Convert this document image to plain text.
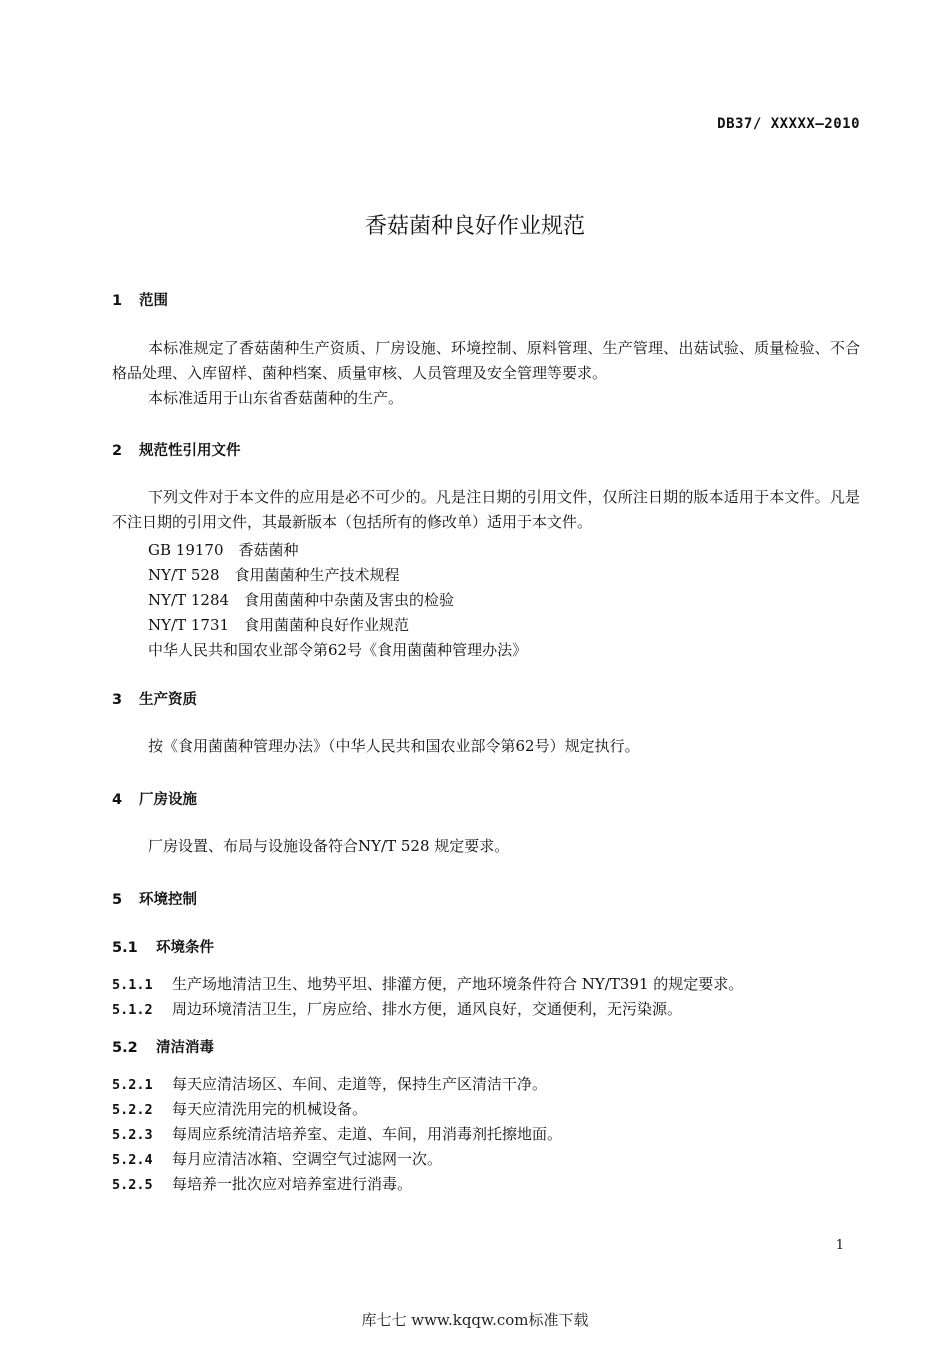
DB37/ XXXXX—2010
香菇菌种良好作业规范
1 范围
本标准规定了香菇菌种生产资质、厂房设施、环境控制、原料管理、生产管理、出菇试验、质量检验、不合格品处理、入库留样、菌种档案、质量审核、人员管理及安全管理等要求。
本标准适用于山东省香菇菌种的生产。
2 规范性引用文件
下列文件对于本文件的应用是必不可少的。凡是注日期的引用文件，仅所注日期的版本适用于本文件。凡是不注日期的引用文件，其最新版本（包括所有的修改单）适用于本文件。
GB 19170　香菇菌种
NY/T 528　食用菌菌种生产技术规程
NY/T 1284　食用菌菌种中杂菌及害虫的检验
NY/T 1731　食用菌菌种良好作业规范
中华人民共和国农业部令第62号《食用菌菌种管理办法》
3 生产资质
按《食用菌菌种管理办法》（中华人民共和国农业部令第62号）规定执行。
4 厂房设施
厂房设置、布局与设施设备符合NY/T 528 规定要求。
5 环境控制
5.1 环境条件
5.1.1 生产场地清洁卫生、地势平坦、排灌方便，产地环境条件符合 NY/T391 的规定要求。
5.1.2 周边环境清洁卫生，厂房应给、排水方便，通风良好，交通便利，无污染源。
5.2 清洁消毒
5.2.1 每天应清洁场区、车间、走道等，保持生产区清洁干净。
5.2.2 每天应清洗用完的机械设备。
5.2.3 每周应系统清洁培养室、走道、车间，用消毒剂托擦地面。
5.2.4 每月应清洁冰箱、空调空气过滤网一次。
5.2.5 每培养一批次应对培养室进行消毒。
1
库七七 www.kqqw.com标准下载
